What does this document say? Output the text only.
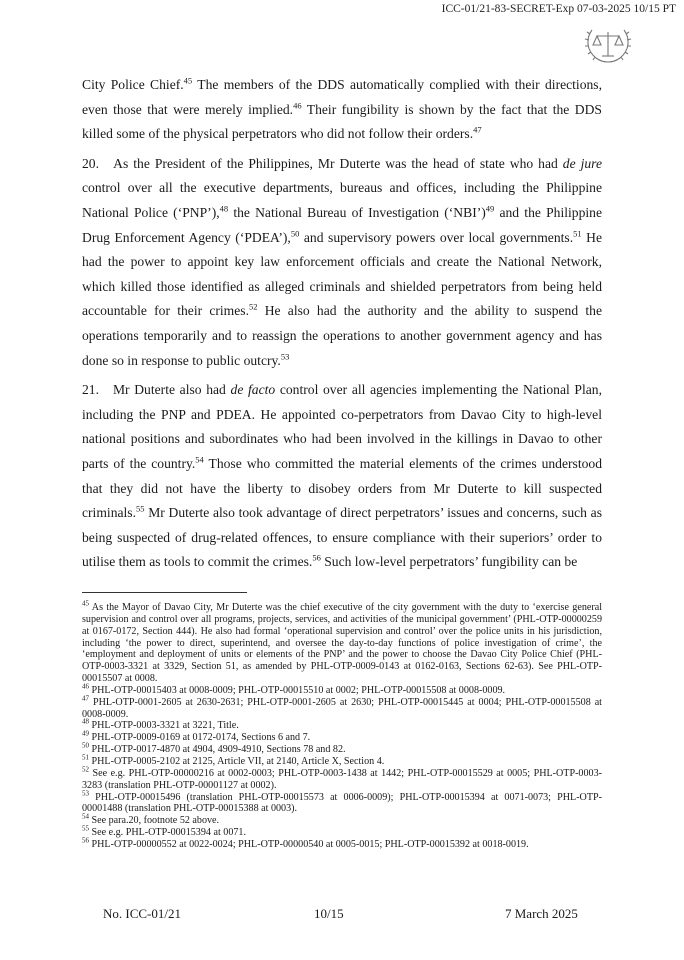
ICC-01/21-83-SECRET-Exp 07-03-2025 10/15 PT

City Police Chief.$^{45}$ The members of the DDS automatically complied with their directions, even those that were merely implied.$^{46}$ Their fungibility is shown by the fact that the DDS killed some of the physical perpetrators who did not follow their orders.$^{47}$

20.   As the President of the Philippines, Mr Duterte was the head of state who had de jure control over all the executive departments, bureaus and offices, including the Philippine National Police (‘PNP’),$^{48}$ the National Bureau of Investigation (‘NBI’)$^{49}$ and the Philippine Drug Enforcement Agency (‘PDEA’),$^{50}$ and supervisory powers over local governments.$^{51}$ He had the power to appoint key law enforcement officials and create the National Network, which killed those identified as alleged criminals and shielded perpetrators from being held accountable for their crimes.$^{52}$ He also had the authority and the ability to suspend the operations temporarily and to reassign the operations to another government agency and has done so in response to public outcry.$^{53}$

21.   Mr Duterte also had de facto control over all agencies implementing the National Plan, including the PNP and PDEA. He appointed co-perpetrators from Davao City to high-level national positions and subordinates who had been involved in the killings in Davao to other parts of the country.$^{54}$ Those who committed the material elements of the crimes understood that they did not have the liberty to disobey orders from Mr Duterte to kill suspected criminals.$^{55}$ Mr Duterte also took advantage of direct perpetrators’ issues and concerns, such as being suspected of drug-related offences, to ensure compliance with their superiors’ order to utilise them as tools to commit the crimes.$^{56}$ Such low-level perpetrators’ fungibility can be

$^{45}$ As the Mayor of Davao City, Mr Duterte was the chief executive of the city government with the duty to ‘exercise general supervision and control over all programs, projects, services, and activities of the municipal government’ (PHL-OTP-00000259 at 0167-0172, Section 444). He also had formal ‘operational supervision and control’ over the police units in his jurisdiction, including ‘the power to direct, superintend, and oversee the day-to-day functions of police investigation of crime’, the ‘employment and deployment of units or elements of the PNP’ and the power to choose the Davao City Police Chief (PHL-OTP-0003-3321 at 3329, Section 51, as amended by PHL-OTP-0009-0143 at 0162-0163, Sections 62-63). See PHL-OTP-00015507 at 0008.

$^{46}$ PHL-OTP-00015403 at 0008-0009; PHL-OTP-00015510 at 0002; PHL-OTP-00015508 at 0008-0009.

$^{47}$ PHL-OTP-0001-2605 at 2630-2631; PHL-OTP-0001-2605 at 2630; PHL-OTP-00015445 at 0004; PHL-OTP-00015508 at 0008-0009.

$^{48}$ PHL-OTP-0003-3321 at 3221, Title.

$^{49}$ PHL-OTP-0009-0169 at 0172-0174, Sections 6 and 7.

$^{50}$ PHL-OTP-0017-4870 at 4904, 4909-4910, Sections 78 and 82.

$^{51}$ PHL-OTP-0005-2102 at 2125, Article VII, at 2140, Article X, Section 4.

$^{52}$ See e.g. PHL-OTP-00000216 at 0002-0003; PHL-OTP-0003-1438 at 1442; PHL-OTP-00015529 at 0005; PHL-OTP-0003-3283 (translation PHL-OTP-00001127 at 0002).

$^{53}$ PHL-OTP-00015496 (translation PHL-OTP-00015573 at 0006-0009); PHL-OTP-00015394 at 0071-0073; PHL-OTP-00001488 (translation PHL-OTP-00015388 at 0003).

$^{54}$ See para.20, footnote 52 above.

$^{55}$ See e.g. PHL-OTP-00015394 at 0071.

$^{56}$ PHL-OTP-00000552 at 0022-0024; PHL-OTP-00000540 at 0005-0015; PHL-OTP-00015392 at 0018-0019.

No. ICC-01/21	10/15	7 March 2025
